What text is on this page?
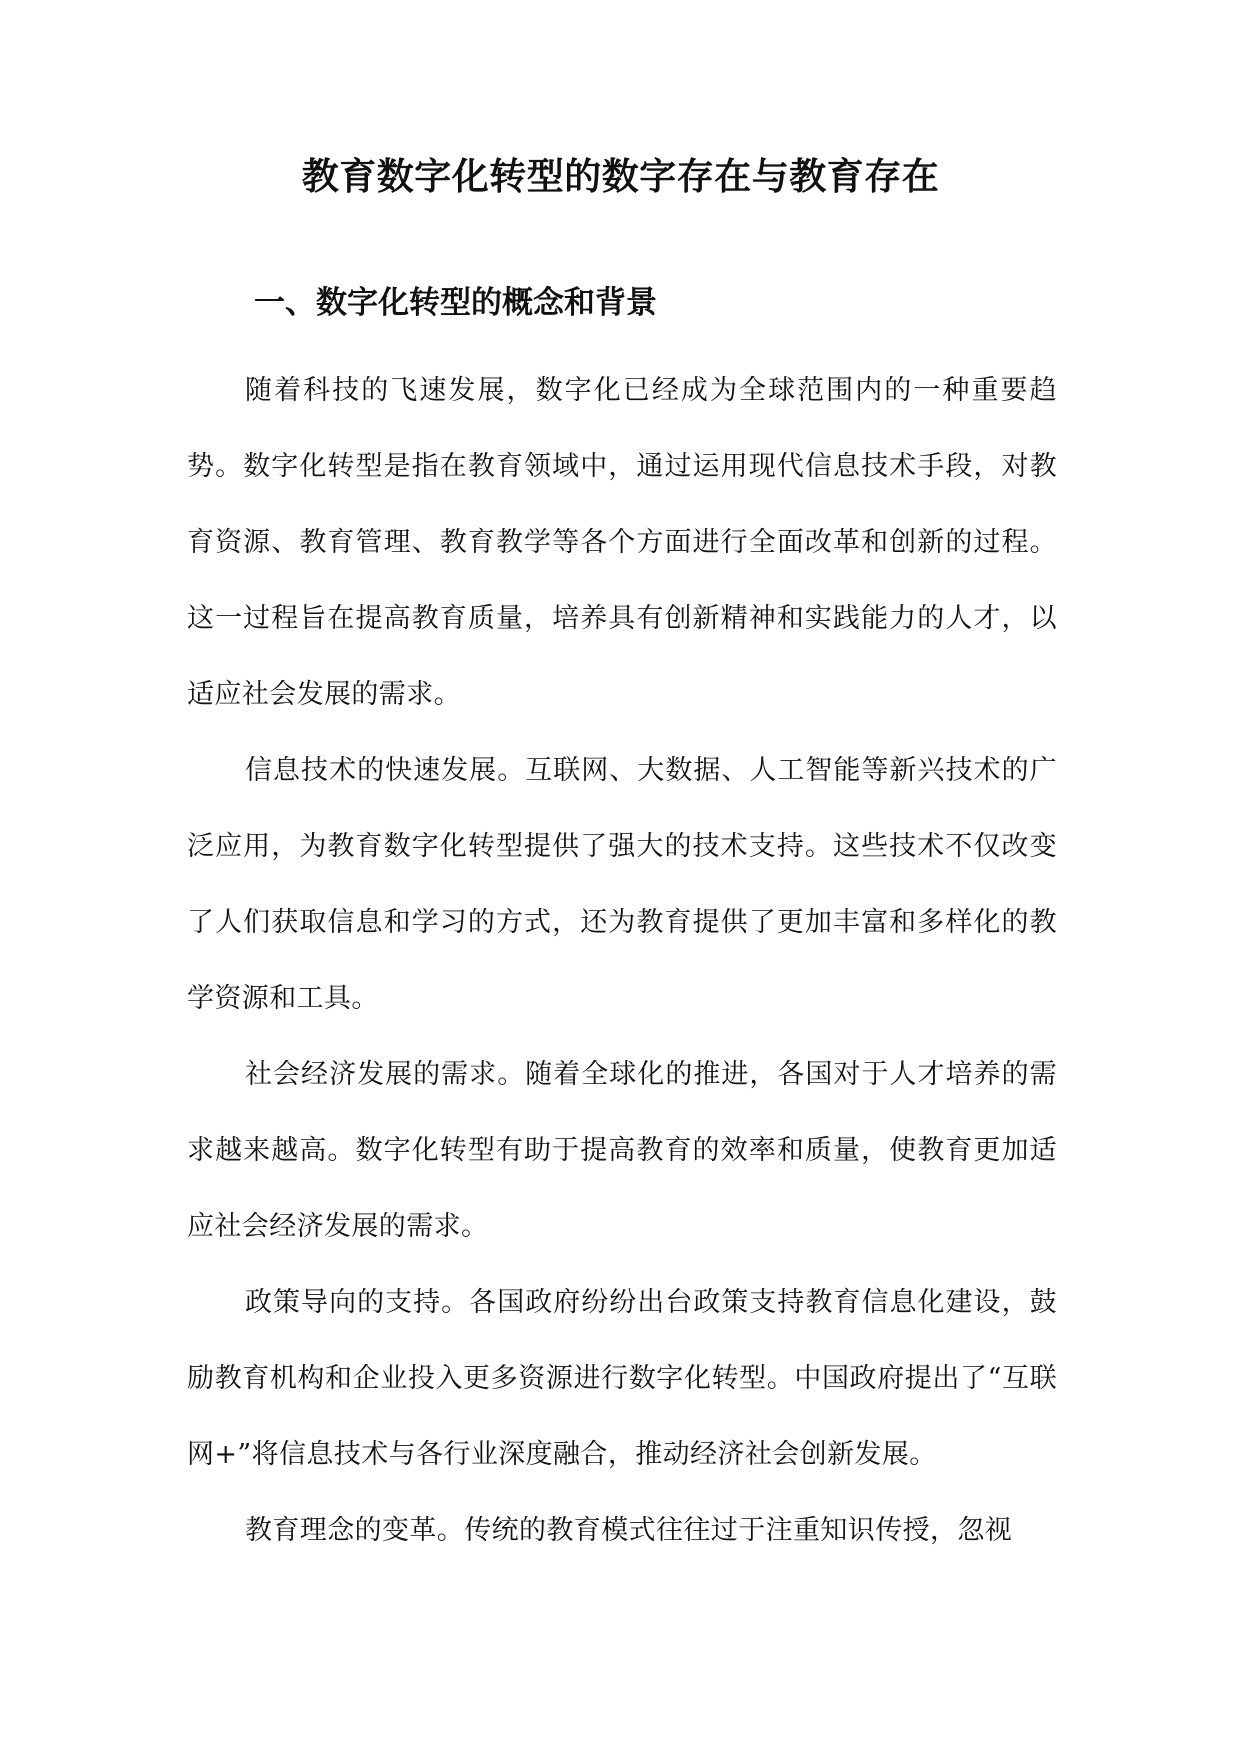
教育数字化转型的数字存在与教育存在
一、数字化转型的概念和背景

随着科技的飞速发展，数字化已经成为全球范围内的一种重要趋势。数字化转型是指在教育领域中，通过运用现代信息技术手段，对教育资源、教育管理、教育教学等各个方面进行全面改革和创新的过程。这一过程旨在提高教育质量，培养具有创新精神和实践能力的人才，以适应社会发展的需求。

信息技术的快速发展。互联网、大数据、人工智能等新兴技术的广泛应用，为教育数字化转型提供了强大的技术支持。这些技术不仅改变了人们获取信息和学习的方式，还为教育提供了更加丰富和多样化的教学资源和工具。

社会经济发展的需求。随着全球化的推进，各国对于人才培养的需求越来越高。数字化转型有助于提高教育的效率和质量，使教育更加适应社会经济发展的需求。

政策导向的支持。各国政府纷纷出台政策支持教育信息化建设，鼓励教育机构和企业投入更多资源进行数字化转型。中国政府提出了“互联网+”将信息技术与各行业深度融合，推动经济社会创新发展。

教育理念的变革。传统的教育模式往往过于注重知识传授，忽视
